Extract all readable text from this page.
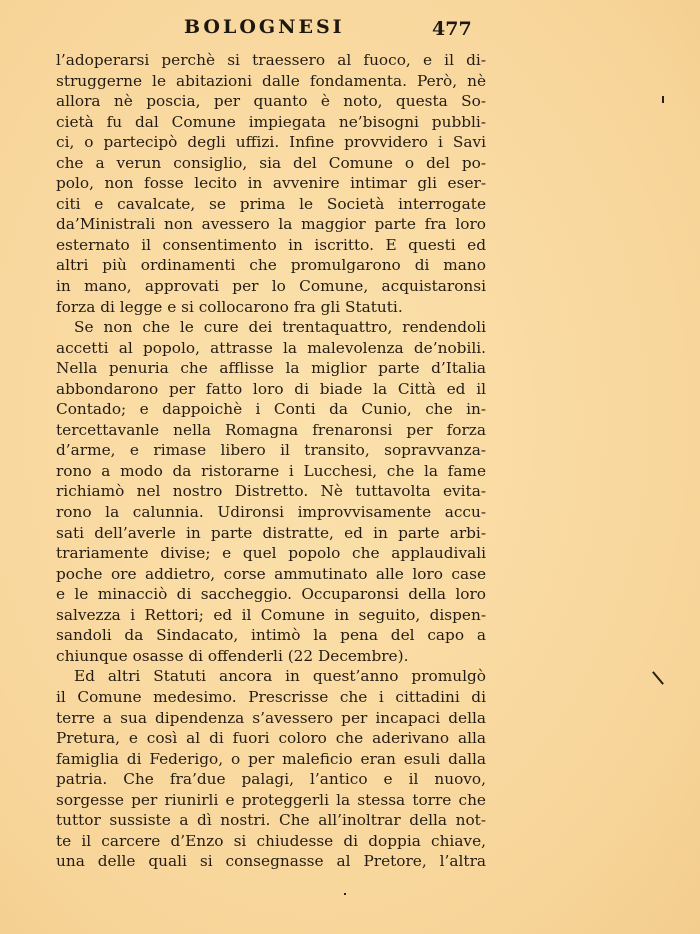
BOLOGNESI	477
l’adoperarsi perchè si traessero al fuoco, e il di-
struggerne le abitazioni dalle fondamenta. Però, nè
allora nè poscia, per quanto è noto, questa So-
cietà fu dal Comune impiegata ne’bisogni pubbli-
ci, o partecipò degli uffizi. Infine provvidero i Savi
che a verun consiglio, sia del Comune o del po-
polo, non fosse lecito in avvenire intimar gli eser-
citi e cavalcate, se prima le Società interrogate
da’Ministrali non avessero la maggior parte fra loro
esternato il consentimento in iscritto. E questi ed
altri più ordinamenti che promulgarono di mano
in mano, approvati per lo Comune, acquistaronsi
forza di legge e si collocarono fra gli Statuti.
Se non che le cure dei trentaquattro, rendendoli
accetti al popolo, attrasse la malevolenza de’nobili.
Nella penuria che afflisse la miglior parte d’Italia
abbondarono per fatto loro di biade la Città ed il
Contado; e dappoichè i Conti da Cunio, che in-
tercettavanle nella Romagna frenaronsi per forza
d’arme, e rimase libero il transito, sopravvanza-
rono a modo da ristorarne i Lucchesi, che la fame
richiamò nel nostro Distretto. Nè tuttavolta evita-
rono la calunnia. Udironsi improvvisamente accu-
sati dell’averle in parte distratte, ed in parte arbi-
trariamente divise; e quel popolo che applaudivali
poche ore addietro, corse ammutinato alle loro case
e le minacciò di saccheggio. Occuparonsi della loro
salvezza i Rettori; ed il Comune in seguito, dispen-
sandoli da Sindacato, intimò la pena del capo a
chiunque osasse di offenderli (22 Decembre).
Ed altri Statuti ancora in quest’anno promulgò
il Comune medesimo. Prescrisse che i cittadini di
terre a sua dipendenza s’avessero per incapaci della
Pretura, e così al di fuori coloro che aderivano alla
famiglia di Federigo, o per maleficio eran esuli dalla
patria. Che fra’due palagi, l’antico e il nuovo,
sorgesse per riunirli e proteggerli la stessa torre che
tuttor sussiste a dì nostri. Che all’inoltrar della not-
te il carcere d’Enzo si chiudesse di doppia chiave,
una delle quali si consegnasse al Pretore, l’altra
